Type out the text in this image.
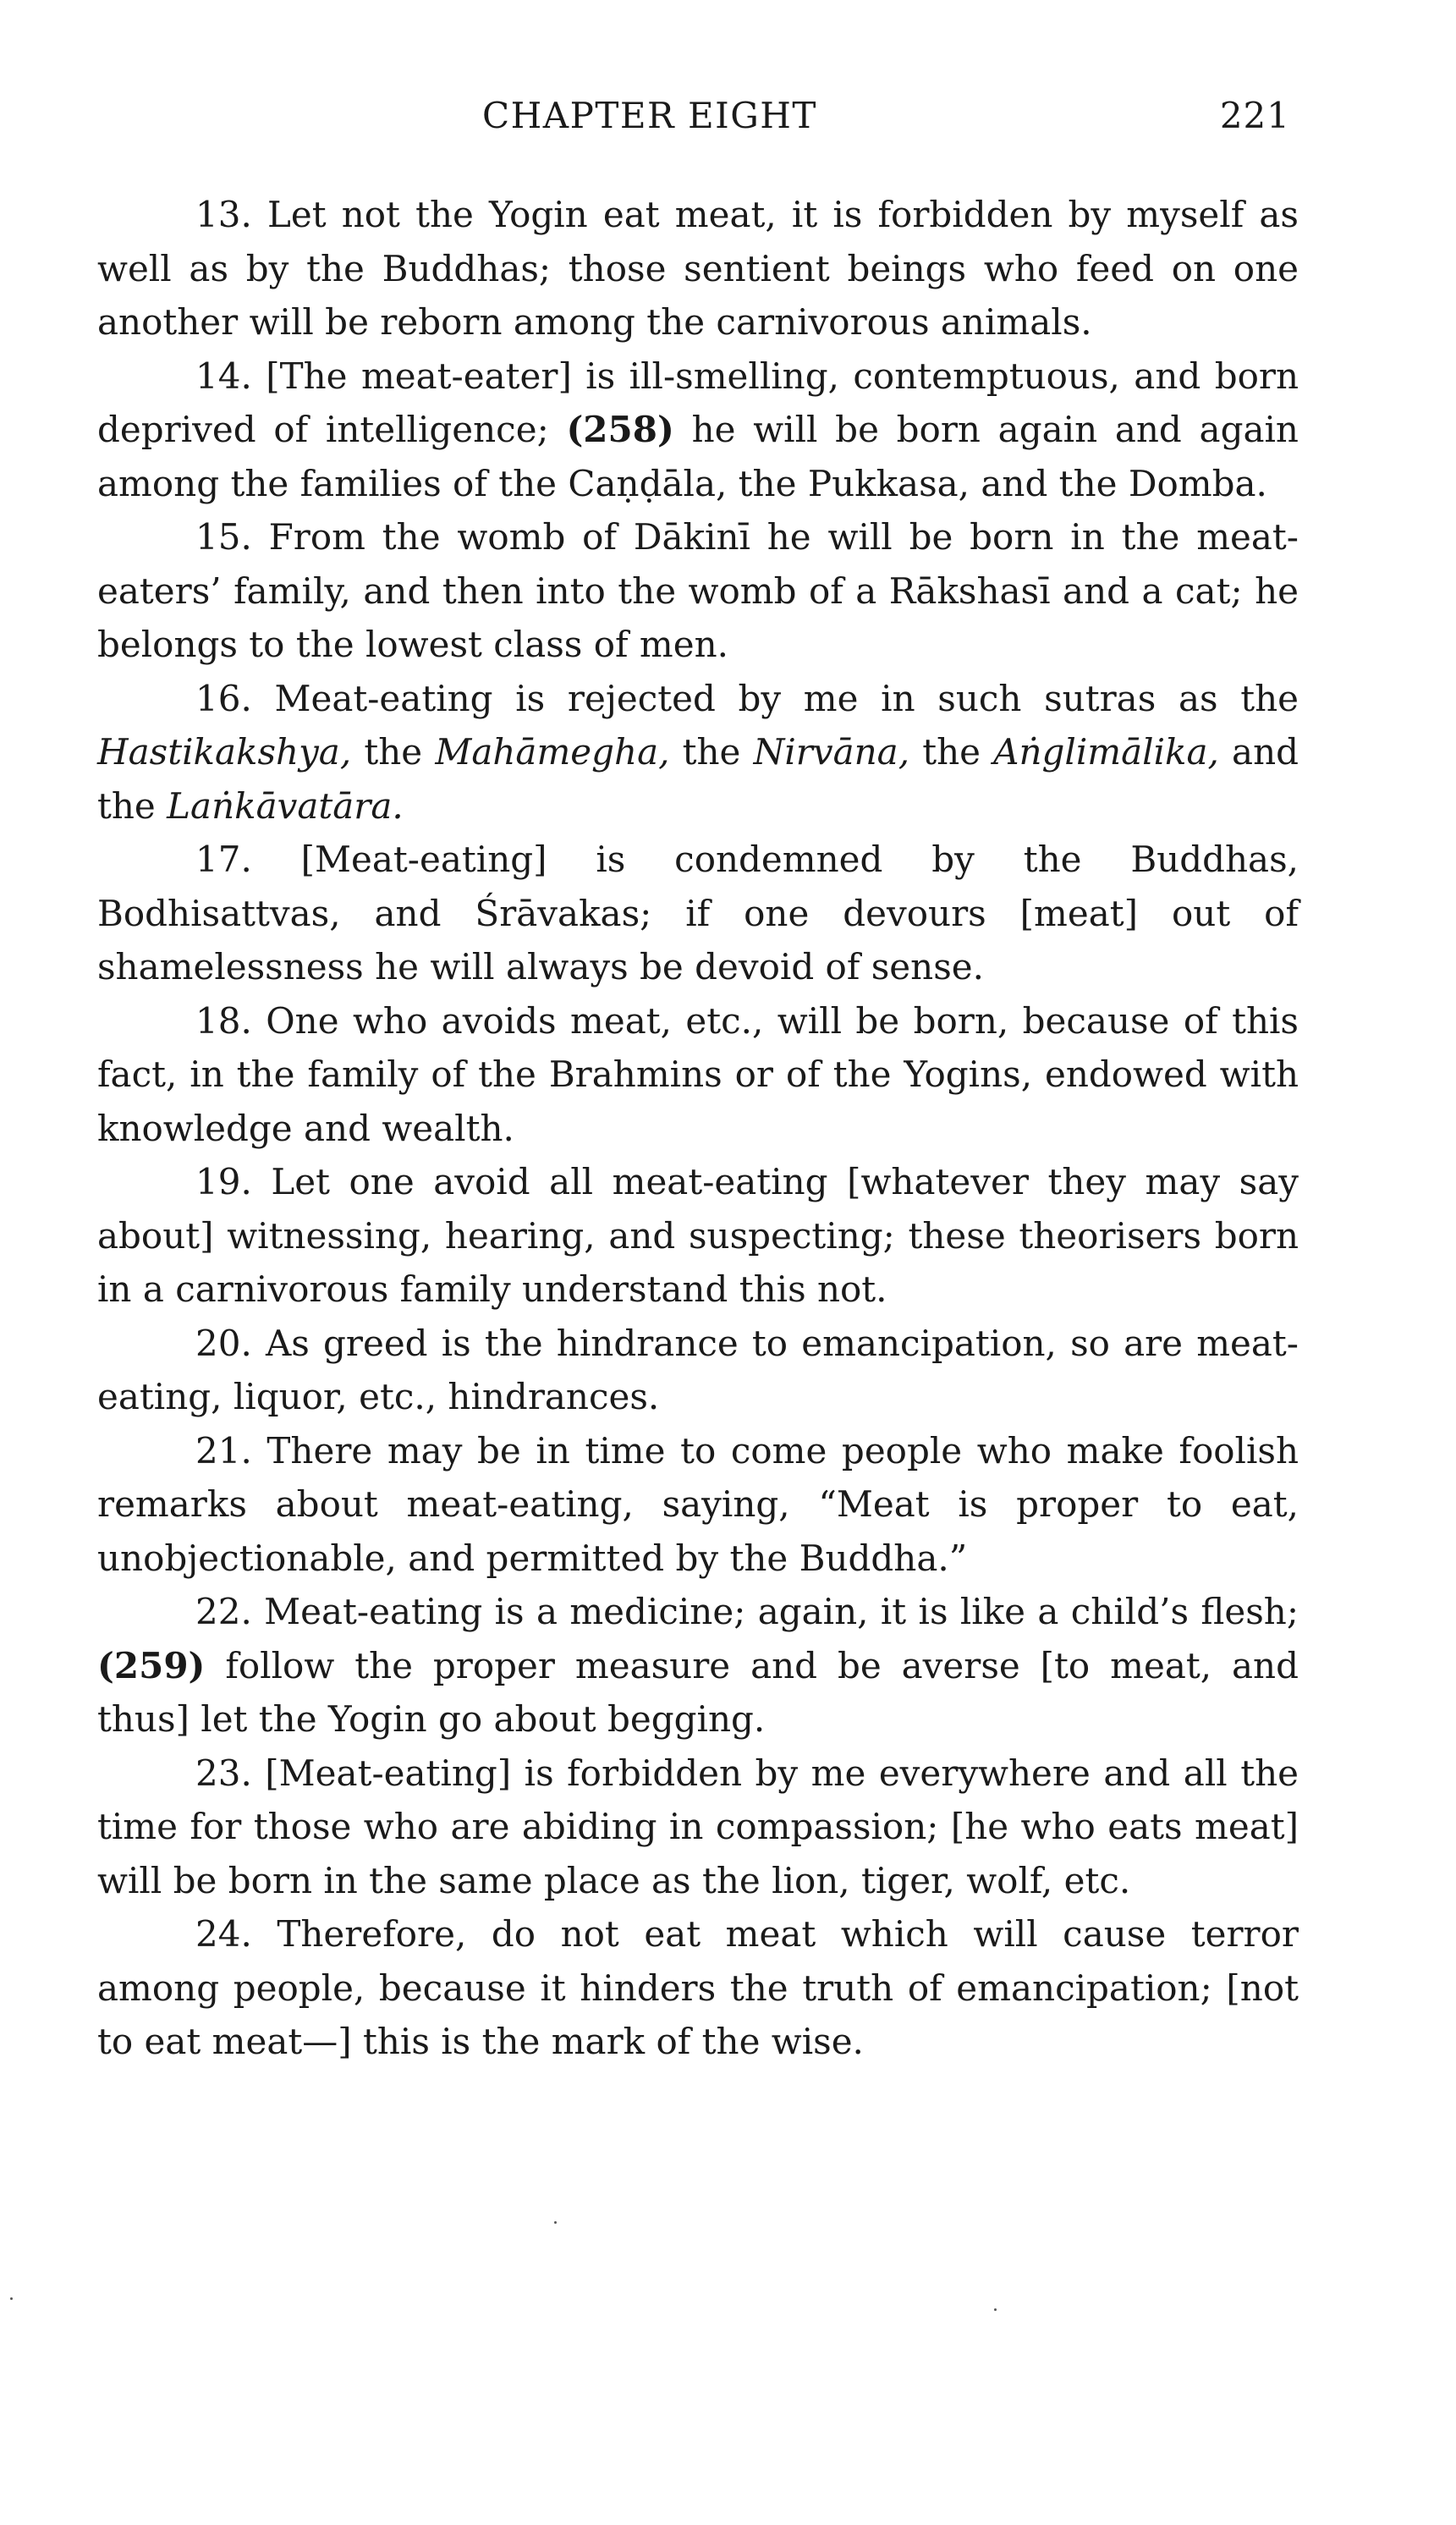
CHAPTER EIGHT	221

13. Let not the Yogin eat meat, it is forbidden by myself as well as by the Buddhas; those sentient beings who feed on one another will be reborn among the carnivorous animals.

14. [The meat-eater] is ill-smelling, contemptuous, and born deprived of intelligence; (258) he will be born again and again among the families of the Caṇḍāla, the Pukkasa, and the Domba.

15. From the womb of Dākinī he will be born in the meat-eaters’ family, and then into the womb of a Rākshasī and a cat; he belongs to the lowest class of men.

16. Meat-eating is rejected by me in such sutras as the Hastikakshya, the Mahāmegha, the Nirvāna, the Aṅglimālika, and the Laṅkāvatāra.

17. [Meat-eating] is condemned by the Buddhas, Bodhisattvas, and Śrāvakas; if one devours [meat] out of shamelessness he will always be devoid of sense.

18. One who avoids meat, etc., will be born, because of this fact, in the family of the Brahmins or of the Yogins, endowed with knowledge and wealth.

19. Let one avoid all meat-eating [whatever they may say about] witnessing, hearing, and suspecting; these theorisers born in a carnivorous family understand this not.

20. As greed is the hindrance to emancipation, so are meat-eating, liquor, etc., hindrances.

21. There may be in time to come people who make foolish remarks about meat-eating, saying, “Meat is proper to eat, unobjectionable, and permitted by the Buddha.”

22. Meat-eating is a medicine; again, it is like a child’s flesh; (259) follow the proper measure and be averse [to meat, and thus] let the Yogin go about begging.

23. [Meat-eating] is forbidden by me everywhere and all the time for those who are abiding in compassion; [he who eats meat] will be born in the same place as the lion, tiger, wolf, etc.

24. Therefore, do not eat meat which will cause terror among people, because it hinders the truth of emancipation; [not to eat meat—] this is the mark of the wise.
